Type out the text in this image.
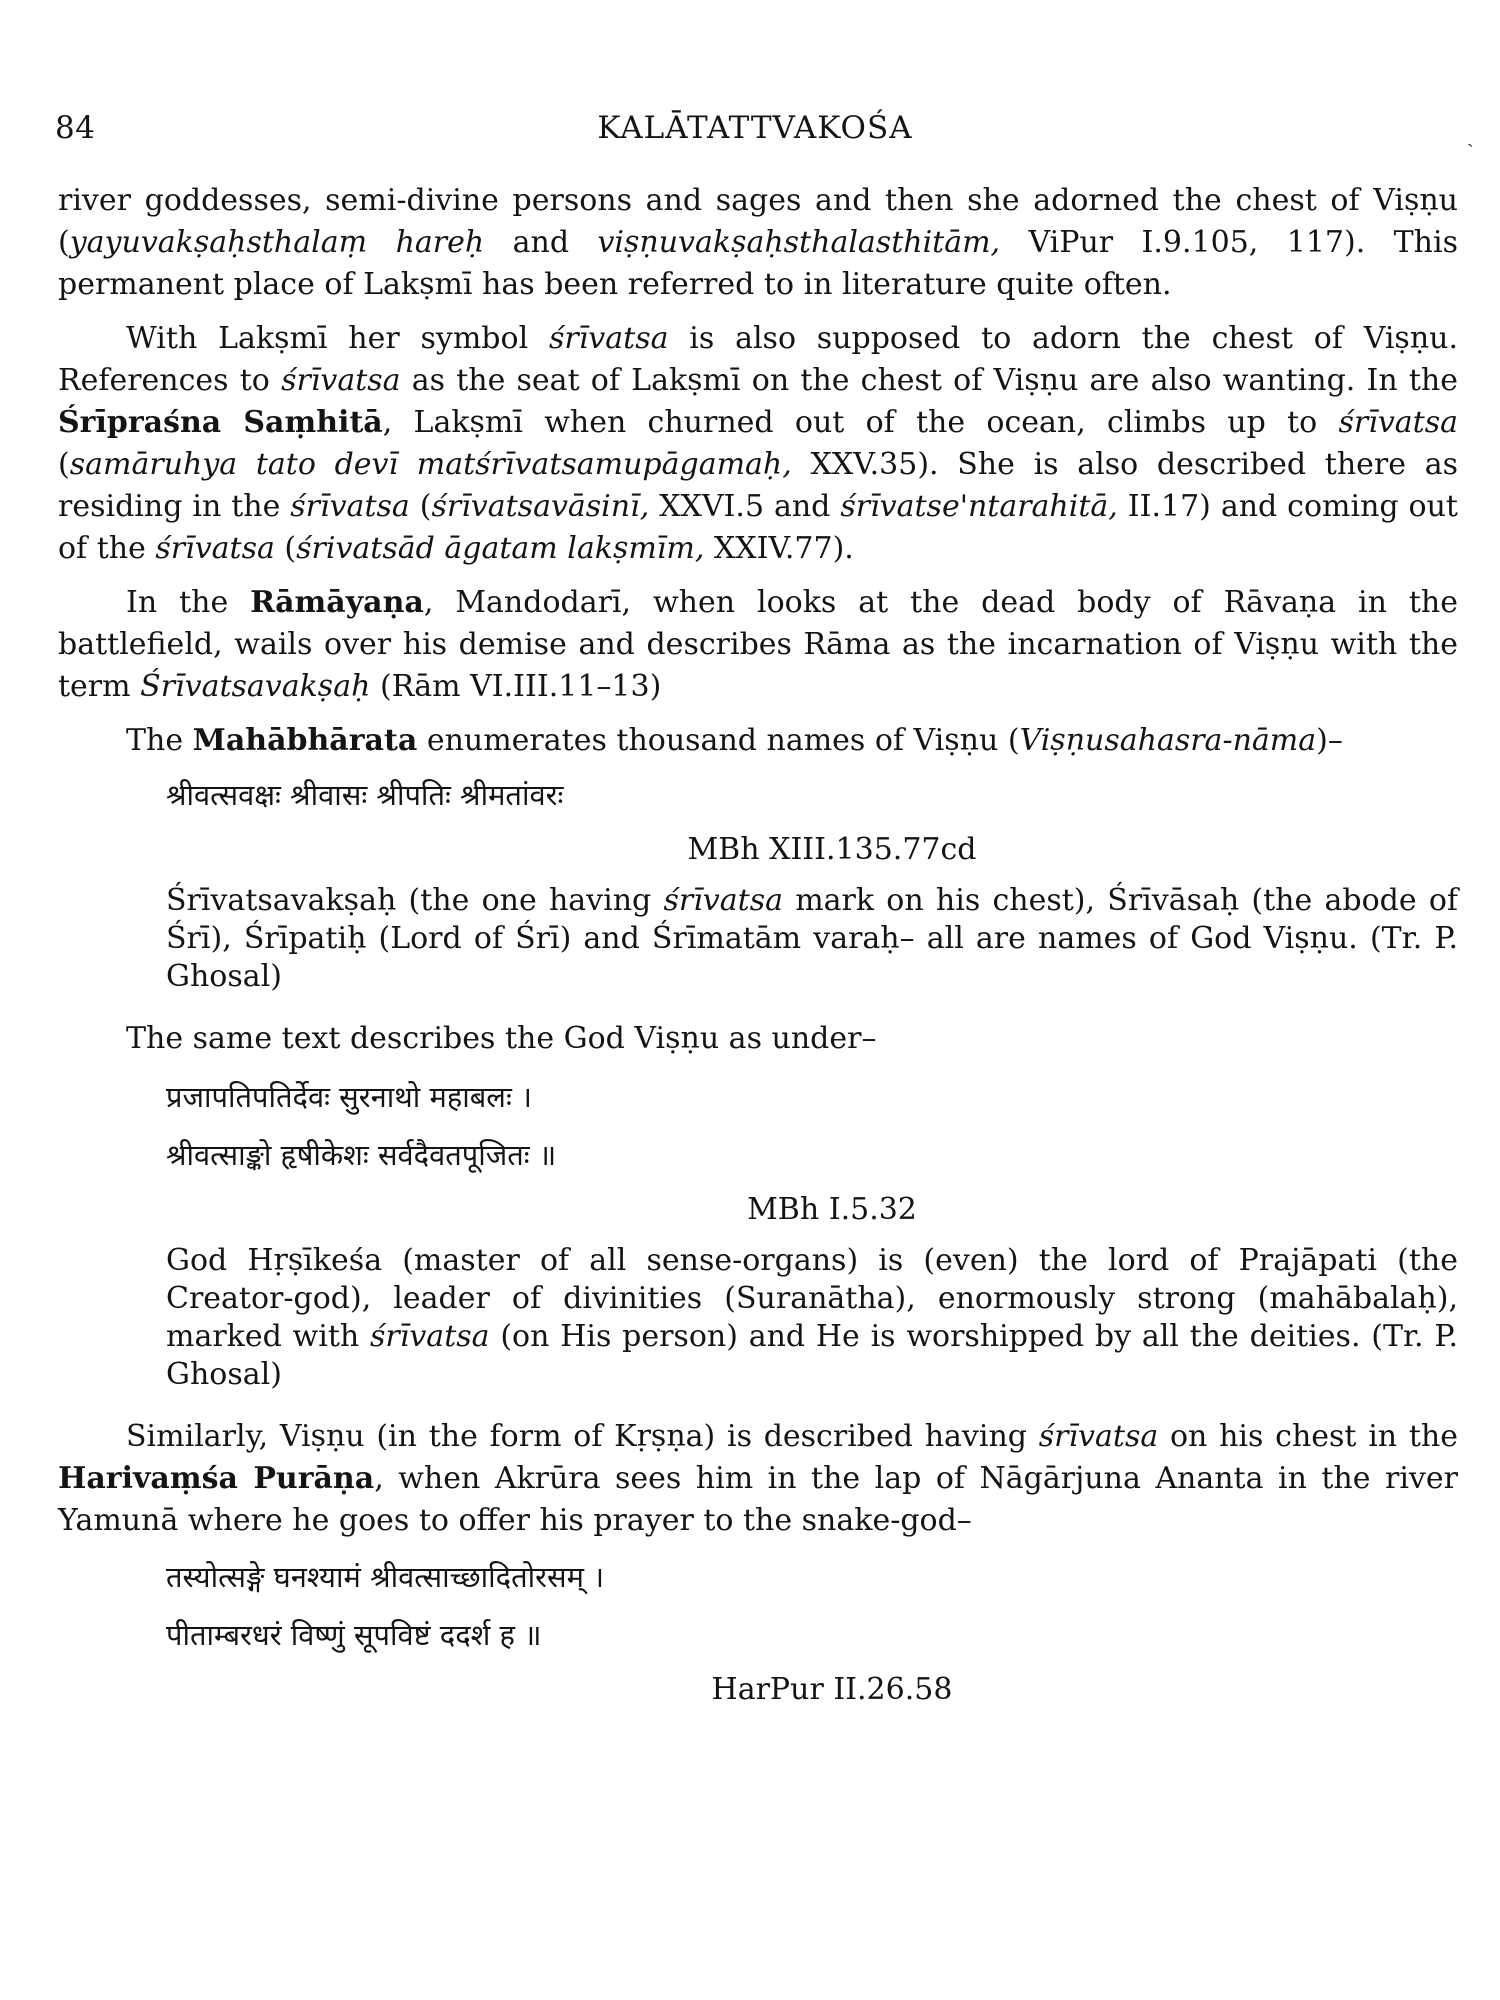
84	KALĀTATTVAKOŚA	˴

river goddesses, semi-divine persons and sages and then she adorned the chest of Viṣṇu (yayuvakṣaḥsthalaṃ hareḥ and viṣṇuvakṣaḥsthalasthitām, ViPur I.9.105, 117). This permanent place of Lakṣmī has been referred to in literature quite often.

With Lakṣmī her symbol śrīvatsa is also supposed to adorn the chest of Viṣṇu. References to śrīvatsa as the seat of Lakṣmī on the chest of Viṣṇu are also wanting. In the Śrīpraśna Saṃhitā, Lakṣmī when churned out of the ocean, climbs up to śrīvatsa (samāruhya tato devī matśrīvatsamupāgamaḥ, XXV.35). She is also described there as residing in the śrīvatsa (śrīvatsavāsinī, XXVI.5 and śrīvatse'ntarahitā, II.17) and coming out of the śrīvatsa (śrivatsād āgatam lakṣmīm, XXIV.77).

In the Rāmāyaṇa, Mandodarī, when looks at the dead body of Rāvaṇa in the battlefield, wails over his demise and describes Rāma as the incarnation of Viṣṇu with the term Śrīvatsavakṣaḥ (Rām VI.III.11–13)

The Mahābhārata enumerates thousand names of Viṣṇu (Viṣṇusahasra-nāma)–

श्रीवत्सवक्षः श्रीवासः श्रीपतिः श्रीमतांवरः

MBh XIII.135.77cd

Śrīvatsavakṣaḥ (the one having śrīvatsa mark on his chest), Śrīvāsaḥ (the abode of Śrī), Śrīpatiḥ (Lord of Śrī) and Śrīmatām varaḥ– all are names of God Viṣṇu. (Tr. P. Ghosal)

The same text describes the God Viṣṇu as under–

प्रजापतिपतिर्देवः सुरनाथो महाबलः ।

श्रीवत्साङ्को हृषीकेशः सर्वदैवतपूजितः ॥

MBh I.5.32

God Hṛṣīkeśa (master of all sense-organs) is (even) the lord of Prajāpati (the Creator-god), leader of divinities (Suranātha), enormously strong (mahābalaḥ), marked with śrīvatsa (on His person) and He is worshipped by all the deities. (Tr. P. Ghosal)

Similarly, Viṣṇu (in the form of Kṛṣṇa) is described having śrīvatsa on his chest in the Harivaṃśa Purāṇa, when Akrūra sees him in the lap of Nāgārjuna Ananta in the river Yamunā where he goes to offer his prayer to the snake-god–

तस्योत्सङ्गे घनश्यामं श्रीवत्साच्छादितोरसम् ।

पीताम्बरधरं विष्णुं सूपविष्टं ददर्श ह ॥

HarPur II.26.58
